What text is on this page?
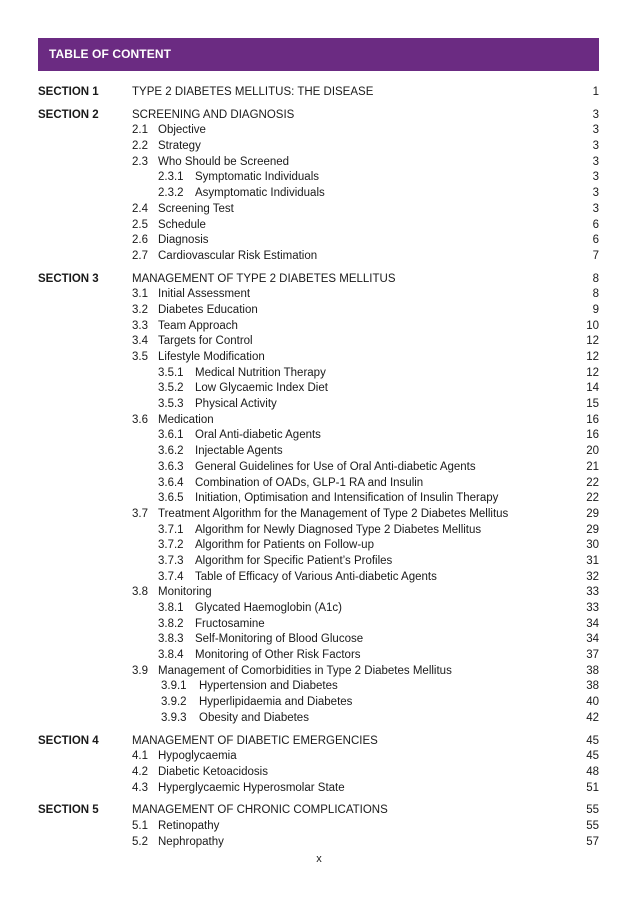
TABLE OF CONTENT
SECTION 1	TYPE 2 DIABETES MELLITUS: THE DISEASE	1
SECTION 2	SCREENING AND DIAGNOSIS	3
2.1 Objective	3
2.2 Strategy	3
2.3 Who Should be Screened	3
2.3.1 Symptomatic Individuals	3
2.3.2 Asymptomatic Individuals	3
2.4 Screening Test	3
2.5 Schedule	6
2.6 Diagnosis	6
2.7 Cardiovascular Risk Estimation	7
SECTION 3	MANAGEMENT OF TYPE 2 DIABETES MELLITUS	8
3.1 Initial Assessment	8
3.2 Diabetes Education	9
3.3 Team Approach	10
3.4 Targets for Control	12
3.5 Lifestyle Modification	12
3.5.1 Medical Nutrition Therapy	12
3.5.2 Low Glycaemic Index Diet	14
3.5.3 Physical Activity	15
3.6 Medication	16
3.6.1 Oral Anti-diabetic Agents	16
3.6.2 Injectable Agents	20
3.6.3 General Guidelines for Use of Oral Anti-diabetic Agents	21
3.6.4 Combination of OADs, GLP-1 RA and Insulin	22
3.6.5 Initiation, Optimisation and Intensification of Insulin Therapy	22
3.7 Treatment Algorithm for the Management of Type 2 Diabetes Mellitus	29
3.7.1 Algorithm for Newly Diagnosed Type 2 Diabetes Mellitus	29
3.7.2 Algorithm for Patients on Follow-up	30
3.7.3 Algorithm for Specific Patient’s Profiles	31
3.7.4 Table of Efficacy of Various Anti-diabetic Agents	32
3.8 Monitoring	33
3.8.1 Glycated Haemoglobin (A1c)	33
3.8.2 Fructosamine	34
3.8.3 Self-Monitoring of Blood Glucose	34
3.8.4 Monitoring of Other Risk Factors	37
3.9 Management of Comorbidities in Type 2 Diabetes Mellitus	38
3.9.1 Hypertension and Diabetes	38
3.9.2 Hyperlipidaemia and Diabetes	40
3.9.3 Obesity and Diabetes	42
SECTION 4	MANAGEMENT OF DIABETIC EMERGENCIES	45
4.1 Hypoglycaemia	45
4.2 Diabetic Ketoacidosis	48
4.3 Hyperglycaemic Hyperosmolar State	51
SECTION 5	MANAGEMENT OF CHRONIC COMPLICATIONS	55
5.1 Retinopathy	55
5.2 Nephropathy	57
x
